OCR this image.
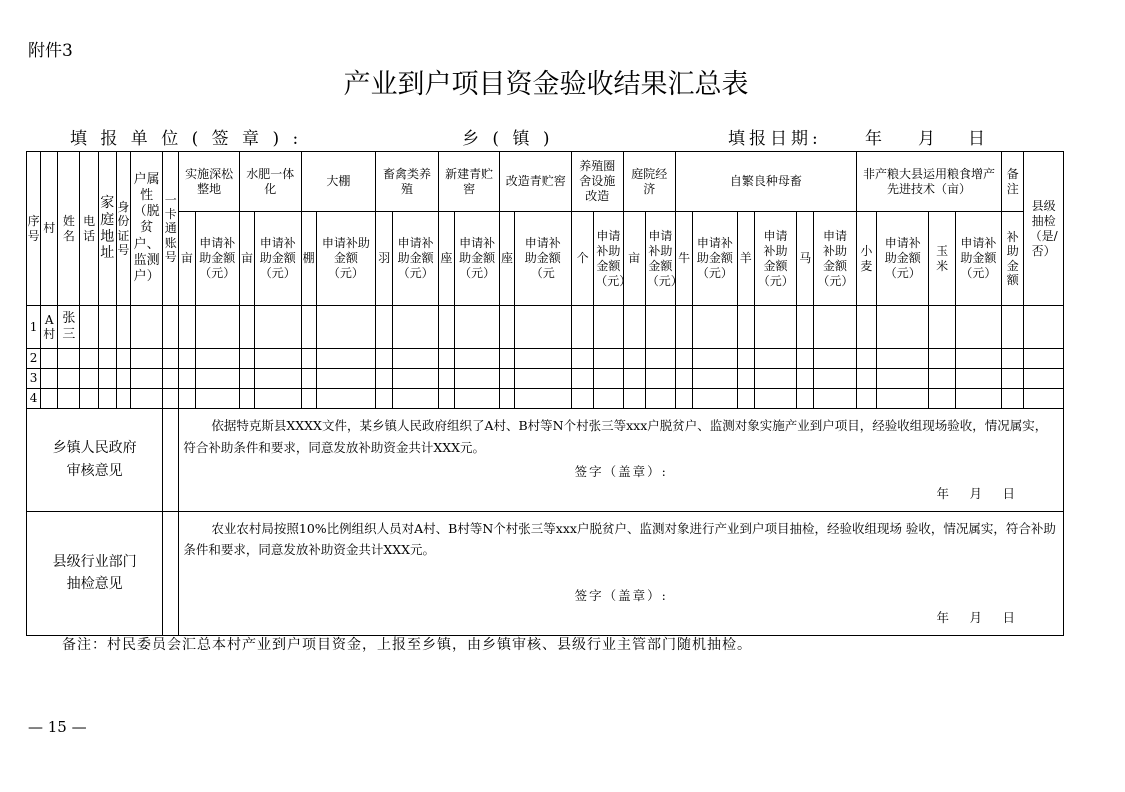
附件3
产业到户项目资金验收结果汇总表
填 报 单 位 ( 签 章 ) :	乡 ( 镇 )	填报日期:	年 月 日
序号	村	姓名	电话	家庭地址	身份证号	户属性（脱贫户、监测户）	一卡通账号	实施深松整地		水肥一体化		大棚		畜禽类养殖		新建青贮窖		改造青贮窖		养殖圈舍设施改造		庭院经济		自繁良种母畜						非产粮大县运用粮食增产先进技术（亩）				备注	县级抽检（是/否）

								亩	申请补助金额（元）	亩	申请补助金额（元）	棚	申请补助金额（元）	羽	申请补助金额（元）	座	申请补助金额（元）	座	申请补助金额（元	个	申请补助金额（元）	亩	申请补助金额（元）	牛	申请补助金额（元）	羊	申请补助金额（元）	马	申请补助金额（元）	小麦	申请补助金额（元）	玉米	申请补助金额（元）	补助金额	

1	A村	张三																																	

2																																			
3																																			
4																																			

乡镇人民政府审核意见								依据特克斯县XXXX文件，某乡镇人民政府组织了A村、B村等N个村张三等xxx户脱贫户、监测对象实施产业到户项目，经验收组现场验收，情况属实，符合补助条件和要求，同意发放补助资金共计XXX元。
签字（盖章）:
年　月　日																											

县级行业部门抽检意见								农业农村局按照10%比例组织人员对A村、B村等N个村张三等xxx户脱贫户、监测对象进行产业到户项目抽检，经验收组现场 验收，情况属实，符合补助条件和要求，同意发放补助资金共计XXX元。
签字（盖章）:
年　月　日																											
备注：村民委员会汇总本村产业到户项目资金，上报至乡镇，由乡镇审核、县级行业主管部门随机抽检。
— 15 —
